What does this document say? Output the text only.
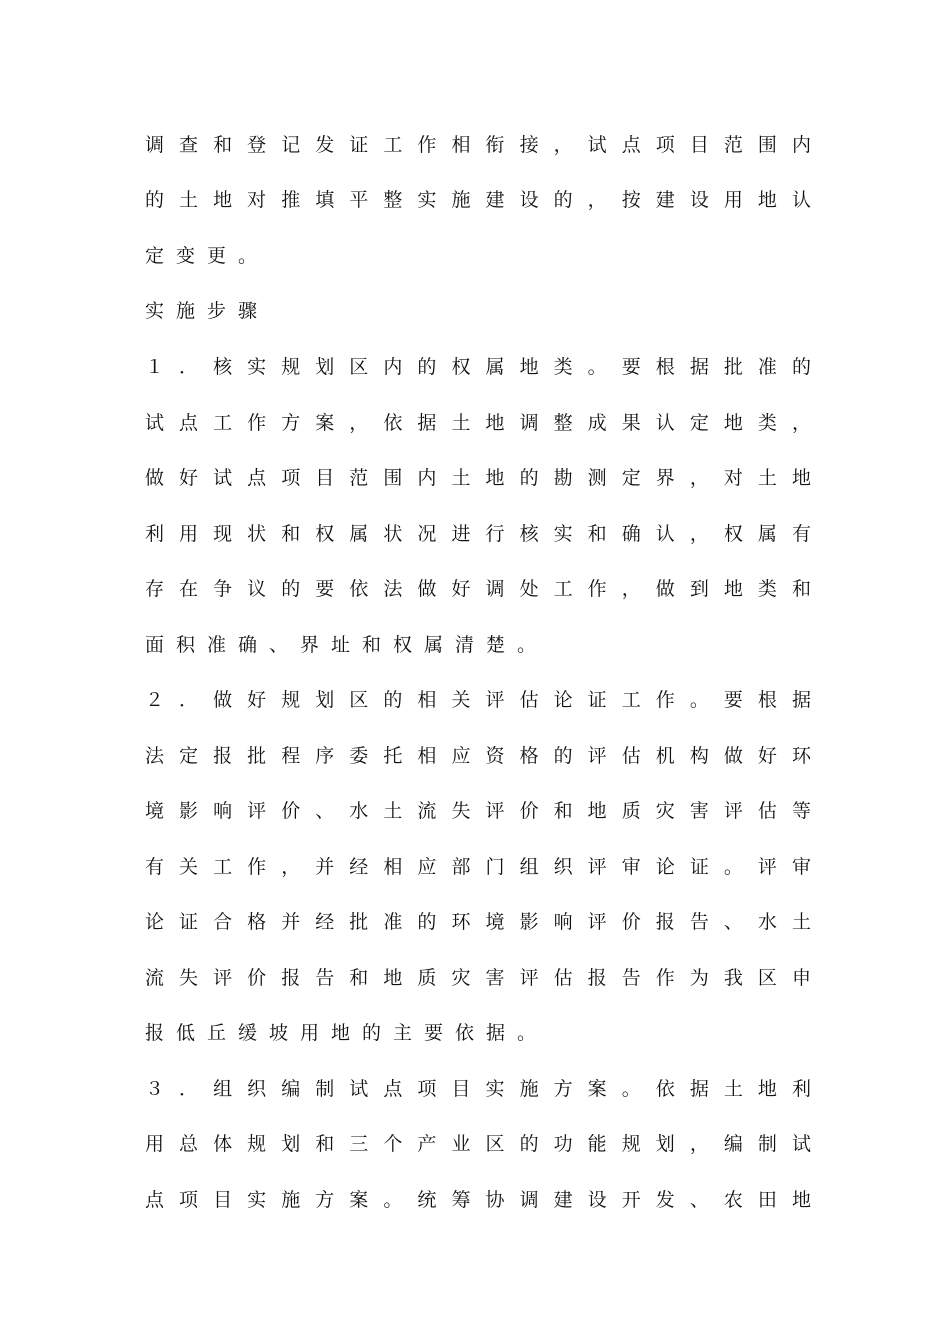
调查和登记发证工作相衔接，试点项目范围内
的土地对推填平整实施建设的，按建设用地认
定变更。
实施步骤
１．核实规划区内的权属地类。要根据批准的
试点工作方案，依据土地调整成果认定地类，
做好试点项目范围内土地的勘测定界，对土地
利用现状和权属状况进行核实和确认，权属有
存在争议的要依法做好调处工作，做到地类和
面积准确、界址和权属清楚。
２．做好规划区的相关评估论证工作。要根据
法定报批程序委托相应资格的评估机构做好环
境影响评价、水土流失评价和地质灾害评估等
有关工作，并经相应部门组织评审论证。评审
论证合格并经批准的环境影响评价报告、水土
流失评价报告和地质灾害评估报告作为我区申
报低丘缓坡用地的主要依据。
３．组织编制试点项目实施方案。依据土地利
用总体规划和三个产业区的功能规划，编制试
点项目实施方案。统筹协调建设开发、农田地
